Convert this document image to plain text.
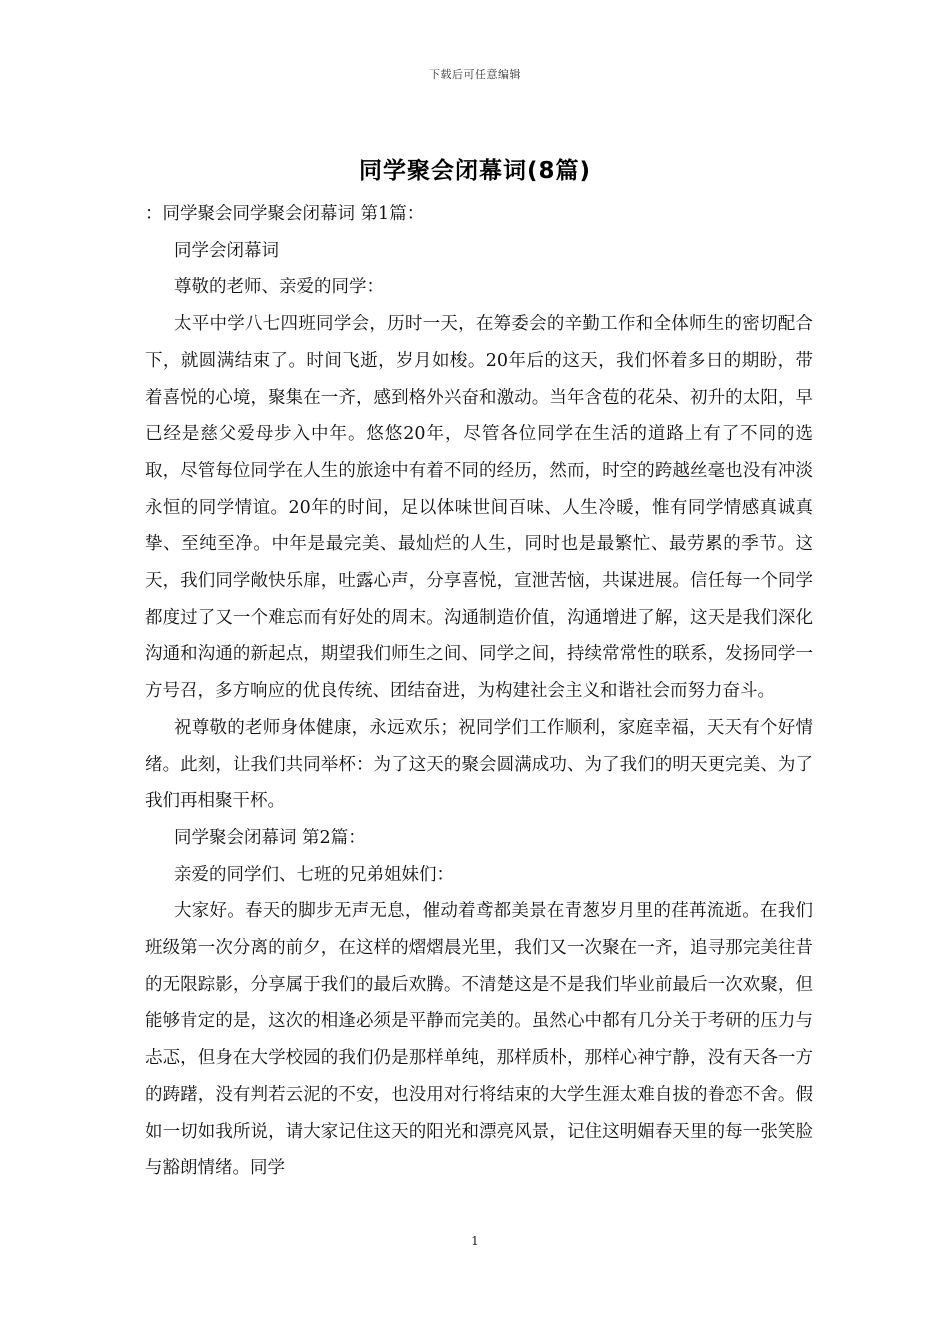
下载后可任意编辑
同学聚会闭幕词(8篇)

：同学聚会同学聚会闭幕词 第1篇：

同学会闭幕词

尊敬的老师、亲爱的同学：

太平中学八七四班同学会，历时一天，在筹委会的辛勤工作和全体师生的密切配合下，就圆满结束了。时间飞逝，岁月如梭。20年后的这天，我们怀着多日的期盼，带着喜悦的心境，聚集在一齐，感到格外兴奋和激动。当年含苞的花朵、初升的太阳，早已经是慈父爱母步入中年。悠悠20年，尽管各位同学在生活的道路上有了不同的选取，尽管每位同学在人生的旅途中有着不同的经历，然而，时空的跨越丝毫也没有冲淡永恒的同学情谊。20年的时间，足以体味世间百味、人生冷暖，惟有同学情感真诚真挚、至纯至净。中年是最完美、最灿烂的人生，同时也是最繁忙、最劳累的季节。这天，我们同学敞快乐扉，吐露心声，分享喜悦，宣泄苦恼，共谋进展。信任每一个同学都度过了又一个难忘而有好处的周末。沟通制造价值，沟通增进了解，这天是我们深化沟通和沟通的新起点，期望我们师生之间、同学之间，持续常常性的联系，发扬同学一方号召，多方响应的优良传统、团结奋进，为构建社会主义和谐社会而努力奋斗。

祝尊敬的老师身体健康，永远欢乐；祝同学们工作顺利，家庭幸福，天天有个好情绪。此刻，让我们共同举杯：为了这天的聚会圆满成功、为了我们的明天更完美、为了我们再相聚干杯。

同学聚会闭幕词 第2篇：

亲爱的同学们、七班的兄弟姐妹们：

大家好。春天的脚步无声无息，催动着鸢都美景在青葱岁月里的荏苒流逝。在我们班级第一次分离的前夕，在这样的熠熠晨光里，我们又一次聚在一齐，追寻那完美往昔的无限踪影，分享属于我们的最后欢腾。不清楚这是不是我们毕业前最后一次欢聚，但能够肯定的是，这次的相逢必须是平静而完美的。虽然心中都有几分关于考研的压力与忐忑，但身在大学校园的我们仍是那样单纯，那样质朴，那样心神宁静，没有天各一方的踌躇，没有判若云泥的不安，也没用对行将结束的大学生涯太难自拔的眷恋不舍。假如一切如我所说，请大家记住这天的阳光和漂亮风景，记住这明媚春天里的每一张笑脸与豁朗情绪。同学

1
